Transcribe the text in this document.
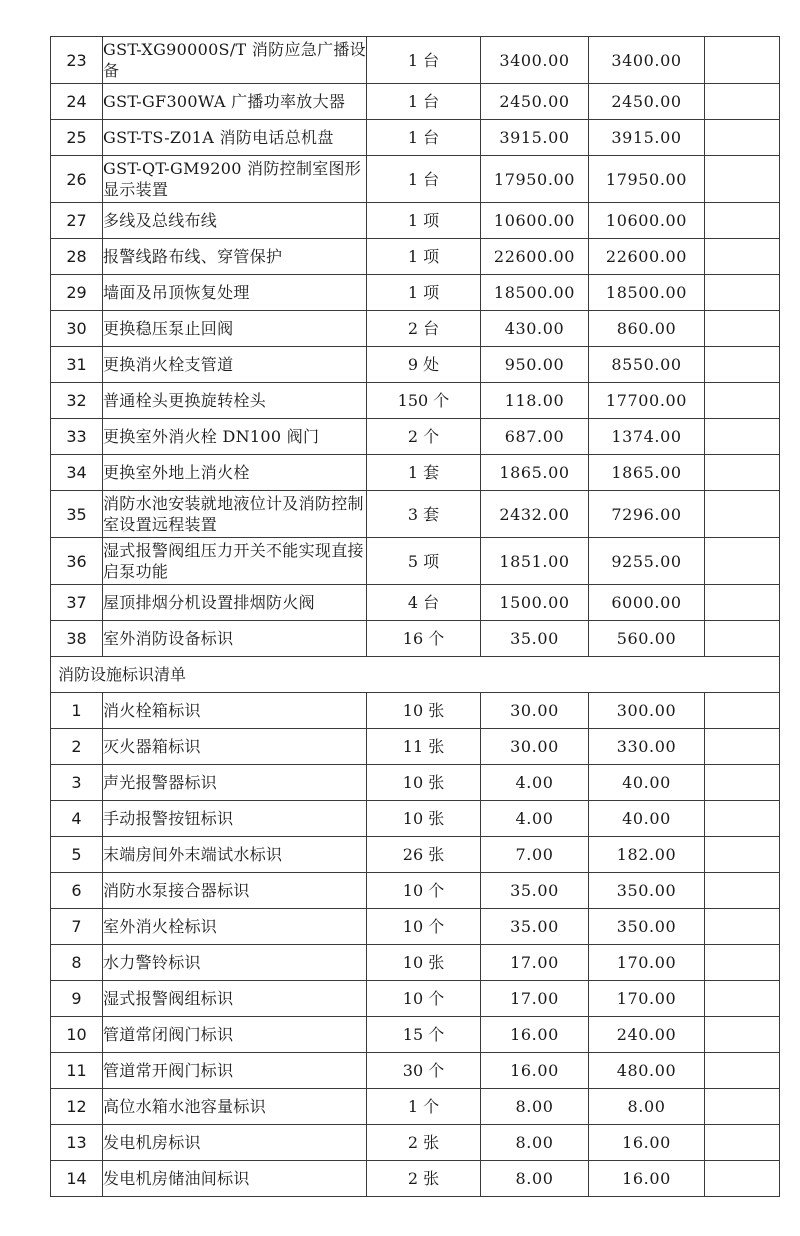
23	GST-XG90000S/T 消防应急广播设备	1 台	3400.00	3400.00	
24	GST-GF300WA 广播功率放大器	1 台	2450.00	2450.00	
25	GST-TS-Z01A 消防电话总机盘	1 台	3915.00	3915.00	
26	GST-QT-GM9200 消防控制室图形显示装置	1 台	17950.00	17950.00	
27	多线及总线布线	1 项	10600.00	10600.00	
28	报警线路布线、穿管保护	1 项	22600.00	22600.00	
29	墙面及吊顶恢复处理	1 项	18500.00	18500.00	
30	更换稳压泵止回阀	2 台	430.00	860.00	
31	更换消火栓支管道	9 处	950.00	8550.00	
32	普通栓头更换旋转栓头	150 个	118.00	17700.00	
33	更换室外消火栓 DN100 阀门	2 个	687.00	1374.00	
34	更换室外地上消火栓	1 套	1865.00	1865.00	
35	消防水池安装就地液位计及消防控制室设置远程装置	3 套	2432.00	7296.00	
36	湿式报警阀组压力开关不能实现直接启泵功能	5 项	1851.00	9255.00	
37	屋顶排烟分机设置排烟防火阀	4 台	1500.00	6000.00	
38	室外消防设备标识	16 个	35.00	560.00	
消防设施标识清单					
1	消火栓箱标识	10 张	30.00	300.00	
2	灭火器箱标识	11 张	30.00	330.00	
3	声光报警器标识	10 张	4.00	40.00	
4	手动报警按钮标识	10 张	4.00	40.00	
5	末端房间外末端试水标识	26 张	7.00	182.00	
6	消防水泵接合器标识	10 个	35.00	350.00	
7	室外消火栓标识	10 个	35.00	350.00	
8	水力警铃标识	10 张	17.00	170.00	
9	湿式报警阀组标识	10 个	17.00	170.00	
10	管道常闭阀门标识	15 个	16.00	240.00	
11	管道常开阀门标识	30 个	16.00	480.00	
12	高位水箱水池容量标识	1 个	8.00	8.00	
13	发电机房标识	2 张	8.00	16.00	
14	发电机房储油间标识	2 张	8.00	16.00	
